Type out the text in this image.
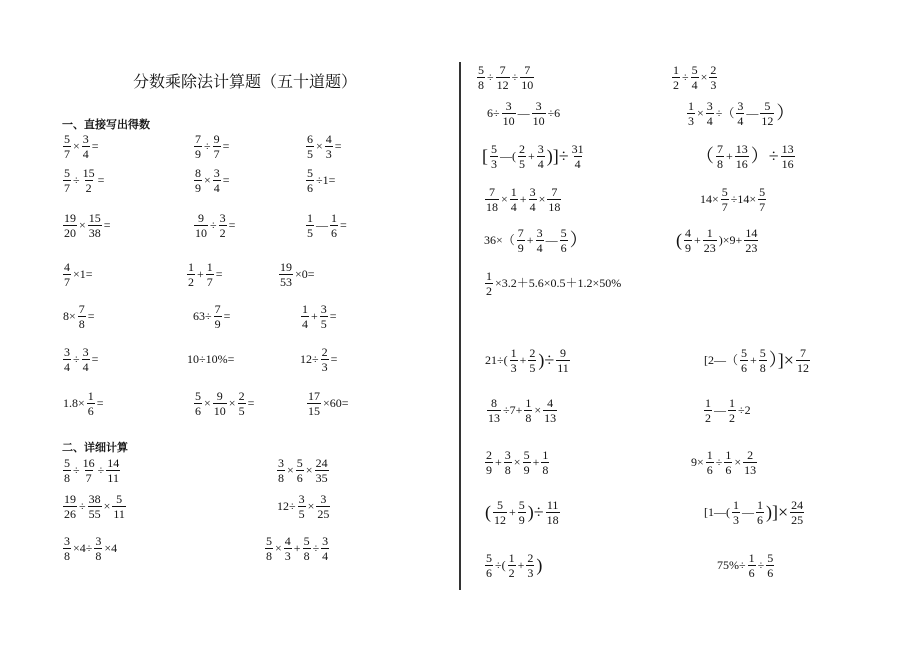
分数乘除法计算题（五十道题）
一、直接写出得数
二、详细计算
$\frac{5}{7} \times \frac{3}{4}$ =	$\frac{7}{9} \div \frac{9}{7}$ =	$\frac{6}{5} \times \frac{4}{3}$ =
$\frac{5}{7} \div \frac{15}{2}$ =	$\frac{8}{9} \times \frac{3}{4}$ =	$\frac{5}{6} \div 1=$
$\frac{19}{20} \times \frac{15}{38}$ =	$\frac{9}{10} \div \frac{3}{2}$ =	$\frac{1}{5}$ — $\frac{1}{6}$ =
$\frac{4}{7} \times 1=$	$\frac{1}{2} + \frac{1}{7}$ =	$\frac{19}{53} \times 0=$
$8\times \frac{7}{8}$ =	$63\div \frac{7}{9}$ =	$\frac{1}{4} + \frac{3}{5}$ =
$\frac{3}{4} \div \frac{3}{4}$ =	10÷10%=	$12\div \frac{2}{3}$ =
$1.8\times \frac{1}{6}$ =	$\frac{5}{6} \times \frac{9}{10} \times \frac{2}{5}$ =	$\frac{17}{15} \times 60=$
$\frac{5}{8} \div \frac{16}{7} \div \frac{14}{11}$	$\frac{3}{8} \times \frac{5}{6} \times \frac{24}{35}$
$\frac{19}{26} \div \frac{38}{55} \times \frac{5}{11}$	$12\div \frac{3}{5} \times \frac{3}{25}$
$\frac{3}{8} \times 4\div \frac{3}{8} \times 4$	$\frac{5}{8} \times \frac{4}{3} + \frac{5}{8} \div \frac{3}{4}$
$\frac{5}{8} \div \frac{7}{12} \div \frac{7}{10}$	$\frac{1}{2} \div \frac{5}{4} \times \frac{2}{3}$
$6\div \frac{3}{10}$ — $\frac{3}{10} \div 6$	$\frac{1}{3} \times \frac{3}{4}$ ÷（ $\frac{3}{4}$ — $\frac{5}{12}$ ）
[ $\frac{5}{3}$ —( $\frac{2}{5} + \frac{3}{4}$ )]÷ $\frac{31}{4}$	（ $\frac{7}{8} + \frac{13}{16}$ ）÷ $\frac{13}{16}$
$\frac{7}{18} \times \frac{1}{4} + \frac{3}{4} \times \frac{7}{18}$	$14\times \frac{5}{7} \div 14\times \frac{5}{7}$
$36\times( \frac{7}{9} + \frac{3}{4}$ — $\frac{5}{6}$ ）	( $\frac{4}{9} + \frac{1}{23} )\times 9+ \frac{14}{23}$
$\frac{1}{2} \times 3.2+5.6\times 0.5+1.2\times 50\%$
$21\div( \frac{1}{3} + \frac{2}{5}$ )÷ $\frac{9}{11}$	[2—（ $\frac{5}{6} + \frac{5}{8}$ ）]× $\frac{7}{12}$
$\frac{8}{13} \div 7+ \frac{1}{8} \times \frac{4}{13}$	$\frac{1}{2}$ — $\frac{1}{2} \div 2$
$\frac{2}{9} + \frac{3}{8} \times \frac{5}{9} + \frac{1}{8}$	$9\times \frac{1}{6} \div \frac{1}{6} \times \frac{2}{13}$
( $\frac{5}{12} + \frac{5}{9}$ )÷ $\frac{11}{18}$	[1—( $\frac{1}{3}$ — $\frac{1}{6}$ )]× $\frac{24}{25}$
$\frac{5}{6}$ ÷( $\frac{1}{2} + \frac{2}{3}$ )	$75\%\div \frac{1}{6} \div \frac{5}{6}$
